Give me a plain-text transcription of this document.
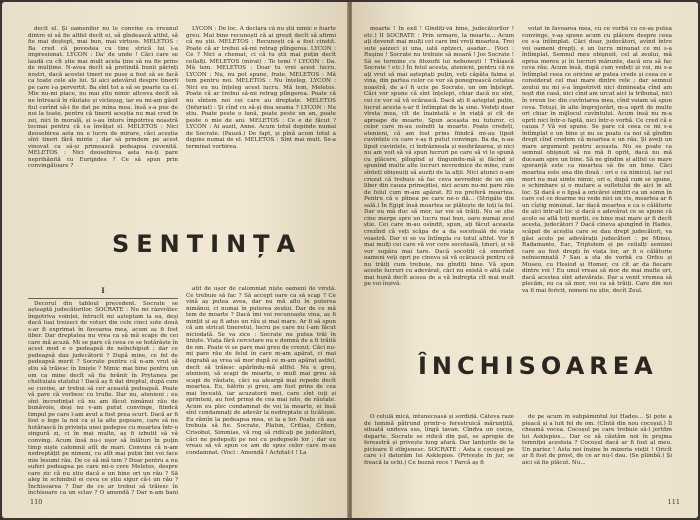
decît el. Și oamenilor nu le convine ca vreunul dintre ei să fie altfel decît ei, să gîndească altfel, să fie mai deștept, mai bun, mai virtuos. MELETOS : Ba cred că povestea cu tine strică lui i-a impresionat. LYCON : Da' de unde ! Căci care se laudă cu cît știe mai mult acela ține să nu fie prins de mulțime. N-avea decît să pretindă bunii părinți noștri, dacă acestei tineri ne puse a fost să se facă ca toate cele ale lui. Și aici adevărul despre tinerii pe care i-a pervertit. Ba sînt tot a să se poarte ca el. Mie nu-mi place, nu mai știu nimic altceva decît să ne întreacă în răutate și vicleșug, iar eu mi-am găsit fiul cerînd să-i fie dat pe mîna mea, însă s-a pus de noi la toate, pentru că tinerii aceștia nu mai cred în zei, nici în morală, și s-au întors împotriva noastră tocmai pentru că i-a învățat el. MELETOS : Nici deosebirea asta nu e lucru de mirare, căci aceștia sînt tineri fără minte ; dar să prindem pe acest vinovat ca să-și primească pedeapsa cuvenită. MELETOS : Nici deosebirea asta nu-ți pare neprihănită cu Euripides ? Ce să spun prin convingătoare ?

LYCON : De loc. A declara că nu știi nimic e foarte greu. Mai bine recunoști că ai greșit decît să afirmi că nu știi. MELETOS : Recunoști că a fost cinstit. Poate că ar trebui să-mi retrag plîngerea. LYCON : Ce ? Nici a chemat, ci că tu știi mai puțin decît ceilalți. MELETOS (mirat) : Te temi ? LYCON : Da. Mă tem. MELETOS : Doar tu vrei acest lucru. LYCON : Nu, nu pot spune, frate. MELETOS : Mă tem pentru noi. MELETOS : Nu înțeleg. LYCON : Nici eu nu înțeleg acest lucru. Mă tem, Meletos. Poate că ar trebui să-mi retrag plîngerea. Poate că nu sîntem noi cei care au dreptate. MELETOS (Infuriat) : Și cînd cu să-și dea seama ? LYCON : Nu știu. Poate peste o lună, poate peste un an, poate peste o mie de ani. MELETOS : Ce e de făcut ? LYCON : Ai auzit, Anne. Acum totul depinde numai de Socrate. (Pauză.) De fapt, și pînă acum totul a depins numai de el. MELETOS : Sînt mai mult. Se-a terminat vorbirea.

SENTINȚA
I

Decorul din tabloul precedent. Socrate se așteaptă judecătorilor. SOCRATE : Nu mi răzvrătec împotriva voinței, întrucît mi așteptam la ea, deși dacă luai treizeci de voturi din cele cinci sute două s-ar fi exprimat în favoarea mea, acum aș fi fost liber. Dar dreptatea nu vrea ca să mă scape de cei care mă acuză. Mi se pare că ceea ce se hotărăște în acest mod e o pedeapsă de neînchipuit ; dar ce pedeapsă dau judecătorii ? După mine, ce fel de pedeapsă merit ? Socrate pentru că n-am vrut să știu să trăiesc în liniște ? Nimic mai bine pentru un om ca mine decît să fiu hrănit în Prytaneu pe cheltuiala statului ! Dacă aș fi dat dreptul, după cum se cuvine, ar trebui să cer această pedeapsă. Poate vă pare că vorbesc cu trufie. Dar nu, atenieni ; eu sînt încredințat că nu am făcut nimănui rău de bunăvoie, deși nu v-am putut convinge, fiindcă timpul pe care l-am avut a fost prea scurt. Dacă ar fi fost o lege la noi ca și la alte popoare, care să nu hotărască în privința unei pedepse cu moartea într-o singură zi, ci în mai multe, aș fi izbutit să vă conving. Acum însă nu-i ușor să înlături în puțin timp niște calomnii atît de mari. Convins că n-am nedreptățit pe nimeni, cu atît mai puțin îmi voi face mie însumi rău. De ce să mă tem ? Doar pentru a nu suferi pedeapsa pe care mi-o cere Meletos, despre care zic că nu știu dacă e un bine ori un rău ? Să aleg în schimbul ei ceva ce știu sigur că-i un rău ? Închisoarea ? Dar de ce ar trebui să trăiesc în închisoare ca un sclav ? O amendă ? Dar n-am bani

atît de ușor de calomniat niște oameni de vîrstă. Ce trebuie să fac ? Să accept oare ca să scap ? Ce vină aș putea avea, dar nu mă aflu în puterea nimănui, ci numai în puterea zeului. Dar de ce mă tem de moarte ? Dacă îmi voi recunoaște vina, aș fi mințit și aș fi adus un rău și mai mare. Ar fi să spun că am stricat tineretul, lucru pe care nu l-am făcut niciodată. Se va zice : Socrate nu putea trăi în liniște. Viața fără cercetare nu e demnă de a fi trăită de om. Poate vi se pare mai greu de crezut. Căci nu-mi pare rău de felul în care m-am apărat, ci mai degrabă aș vrea să mor după ce m-am apărat astfel, decît să trăiesc apărîndu-mă altfel. Nu e greu, atenieni, să scapi de moarte, e mult mai greu să scapi de răutate, căci ea aleargă mai repede decît moartea. Eu, bătrîn și greu, am fost prins de cea mai înceată, iar acuzatorii mei, care sînt iuți și sprinteni, au fost prinși de cea mai iute, de răutate. Acum eu plec condamnat de voi la moarte, ei însă sînt condamnați de adevăr la nedreptate și ticăloșie. Eu rămîn la pedeapsa mea, ei la a lor. Poate că așa trebuia să fie. Socrate, Platon, Critias, Criton, Crisobul, Simmias, vă rog să ridicați pe judecători, căci ne pedepsiți pe noi cu pedepsele lor ; dar eu vreau să vă spun ce am de spus celor care m-au condamnat. (Voci : Amendă ! Achitat-l ! La

110

moarte ! În exil ! Gîndiți-vă bine, judecătorilor ! etc.) II SOCRATE : Prin urmare, la moarte... Acum ați devenit mai mulți cei care îmi vreți moartea. Trei sute șaizeci și una, iată optzeci, asadar... (Voci : Rușine ! Socrate nu trebuie să moară ! Jos Socrate ! Să se termine cu filozofii lui nebunești ! Trăiască Socrate ! etc.) În felul acesta, atenieni, pentru că nu ați vrut să mai așteptați puțin, veți căpăta faima și vina, din partea celor ce vor să ponegrească cetatea noastră, de a-l fi ucis pe Socrate, un om înțelept. Căci vor spune că sînt înțelept, chiar dacă nu sînt, cei ce vor să vă ocărască. Dacă ați fi așteptat puțin, lucrul acesta s-ar fi întîmplat de la sine. Vedeți doar vîrsta mea, cît de înaintată e în viață și cît de aproape de moarte. Spun aceasta nu tuturor, ci celor care m-au osîndit la moarte. Poate credeți, atenieni, că am fost prins fiindcă mi-au lipsit cuvintele cu care v-aș fi putut convinge. Ba da, n-au lipsit cuvintele, ci îndrăzneala și neobrăzarea, și nici nu am voit să vă spun lucruri pe care să vi le spună cu plăcere, plîngînd și tînguindu-mă și făcînd și spunînd multe alte lucruri nevrednice de mine, cum sînteți obișnuiți să auziți de la alții. Nici atunci n-am crezut că trebuie să fac ceva nevrednic de un om liber din cauza primejdiei, nici acum nu-mi pare rău de felul cum m-am apărat. El nu preferă moartea. Pentru că e pîinea pe care ne-o dă... (Strigăte din sală.) În Egipt însă moartea se plătește de toți la fel. Dar eu mă duc să mor, iar voi să trăiți. Nu se știe cine merge spre un lucru mai bun, oare numai zeul știe. Cei care m-au osîndit, spun, ați făcut aceasta crezînd că veți scăpa de a da socoteală de viața voastră. Dar vi se va întîmpla cu totul altfel. Vor fi mai mulți cei care vă vor cere socoteală, tineri, și vă vor supăra mai tare. Dacă socotiți că omorînd oameni veți opri pe cineva să vă ocărască pentru că nu trăiți cum trebuie, nu gîndiți bine. Vă spun aceste lucruri cu adevărat, căci nu există o altă cale mai bună decît aceea de a vă îndrepta cît mai mult pe voi înșivă.

votat în favoarea mea, cu ce vorbă cu ce-aș putea convinge, v-aș spune acum cu plăcere despre ceea ce s-a întîmplat. Căci doar, judecători, avînd între voi oameni drepți, e un lucru minunat ce mi s-a întîmplat. Semnul meu obișnuit, cel al zeului, mă oprea mereu și în lucruri mărunte, dacă era să fac ceva rău. Acum însă, după cum vedeți și voi, mi s-a întîmplat ceea ce oricine ar putea crede și ceea ce e considerat cel mai mare dintre rele ; dar semnul zeului nu mi s-a împotrivit nici dimineața cînd am ieșit din casă, nici cînd am urcat aici la tribunal, nici în vreun loc din cuvîntarea mea, cînd voiam să spun ceva. Totuși, în alte împrejurări, m-a oprit de multe ori chiar în mijlocul cuvîntului. Acum însă nu m-a oprit nici într-o faptă, nici într-o vorbă. Ce cred că e cauza ? Vă voi spune. Se pare că ceea ce mi s-a întîmplat e un bine și nu se poate ca noi să gîndim drept cînd credem că moartea e un rău. Și aveți un mare argument pentru aceasta. Nu se poate ca semnul obișnuit să nu mă fi oprit, dacă nu mă duceam spre un bine. Să ne gîndim și altfel ce mare speranță este ca moartea să fie un bine. Căci moartea este una din două : ori e ca nimicul, iar cel mort nu mai simte nimic, ori e, după cum se spune, o schimbare și o mutare a sufletului de aici în alt loc. Și dacă e o lipsă a oricărei simțiri ca un somn în care cel ce doarme nu vede nici un vis, moartea ar fi un cîștig minunat. Iar dacă moartea e ca o călătorie de aici într-alt loc și dacă e adevărat ce se spune că acolo se află toți morții, ce bine mai mare ar fi decît acesta, judecători ? Dacă cineva ajungînd în Hades, scăpat de aceștia care se dau drept judecători, va găsi acolo pe adevărații judecători : pe Minos, Radamante, Eac, Triptolem și pe ceilalți semizei care au fost drepți în viața lor, ar fi o călătorie neînsemnată ? Sau a sta de vorbă cu Orfeu și Museu, cu Hesiod și Homer, cu cît ar da fiecare dintre voi ! Eu unul vreau să mor de mai multe ori, dacă acestea sînt adevărate. Dar a venit vremea să plecăm, eu ca să mor, voi ca să trăiți. Care din noi va fi mai fericit, nimeni nu știe, decît Zeul.

ÎNCHISOAREA

O celulă mică, întunecoasă și sordidă. Câteva raze de lumină pătrund printr-o ferestruică mărunțită, situată undeva sus, lîngă tavan. Cîndva un cocoș, departe. Socrate se ridică din pat, se apropie de fereastră și privește lung afară. Dar lanțurile de la picioare îl stînjenesc. SOCRATE : Asta e cocoșul pe care i-l datorăm lui Asklepios. (Privește în jur, se freacă la ochi.) Ce beznă rece ! Parcă aș fi

de pe acum în subpămîntul lui Hades... Și pote a pleacă și a luit fel de om. (Cîntă din nou cocoșul.) Îl cheamă vocea. Cocoșul pe care trebuie să-l jertfim lui Asklepios... Dar ce să căutăm noi în prejma temniței acesteia ? Cocoșul dacă ar fi fost al meu. Un pariez ! Asta noi înșine în mizeria vieții ! Oricît ar fi fost de prost, de ce ar nu-l dau. (Se plimbă.) Și aici să fie plăcut. Nu...

111
